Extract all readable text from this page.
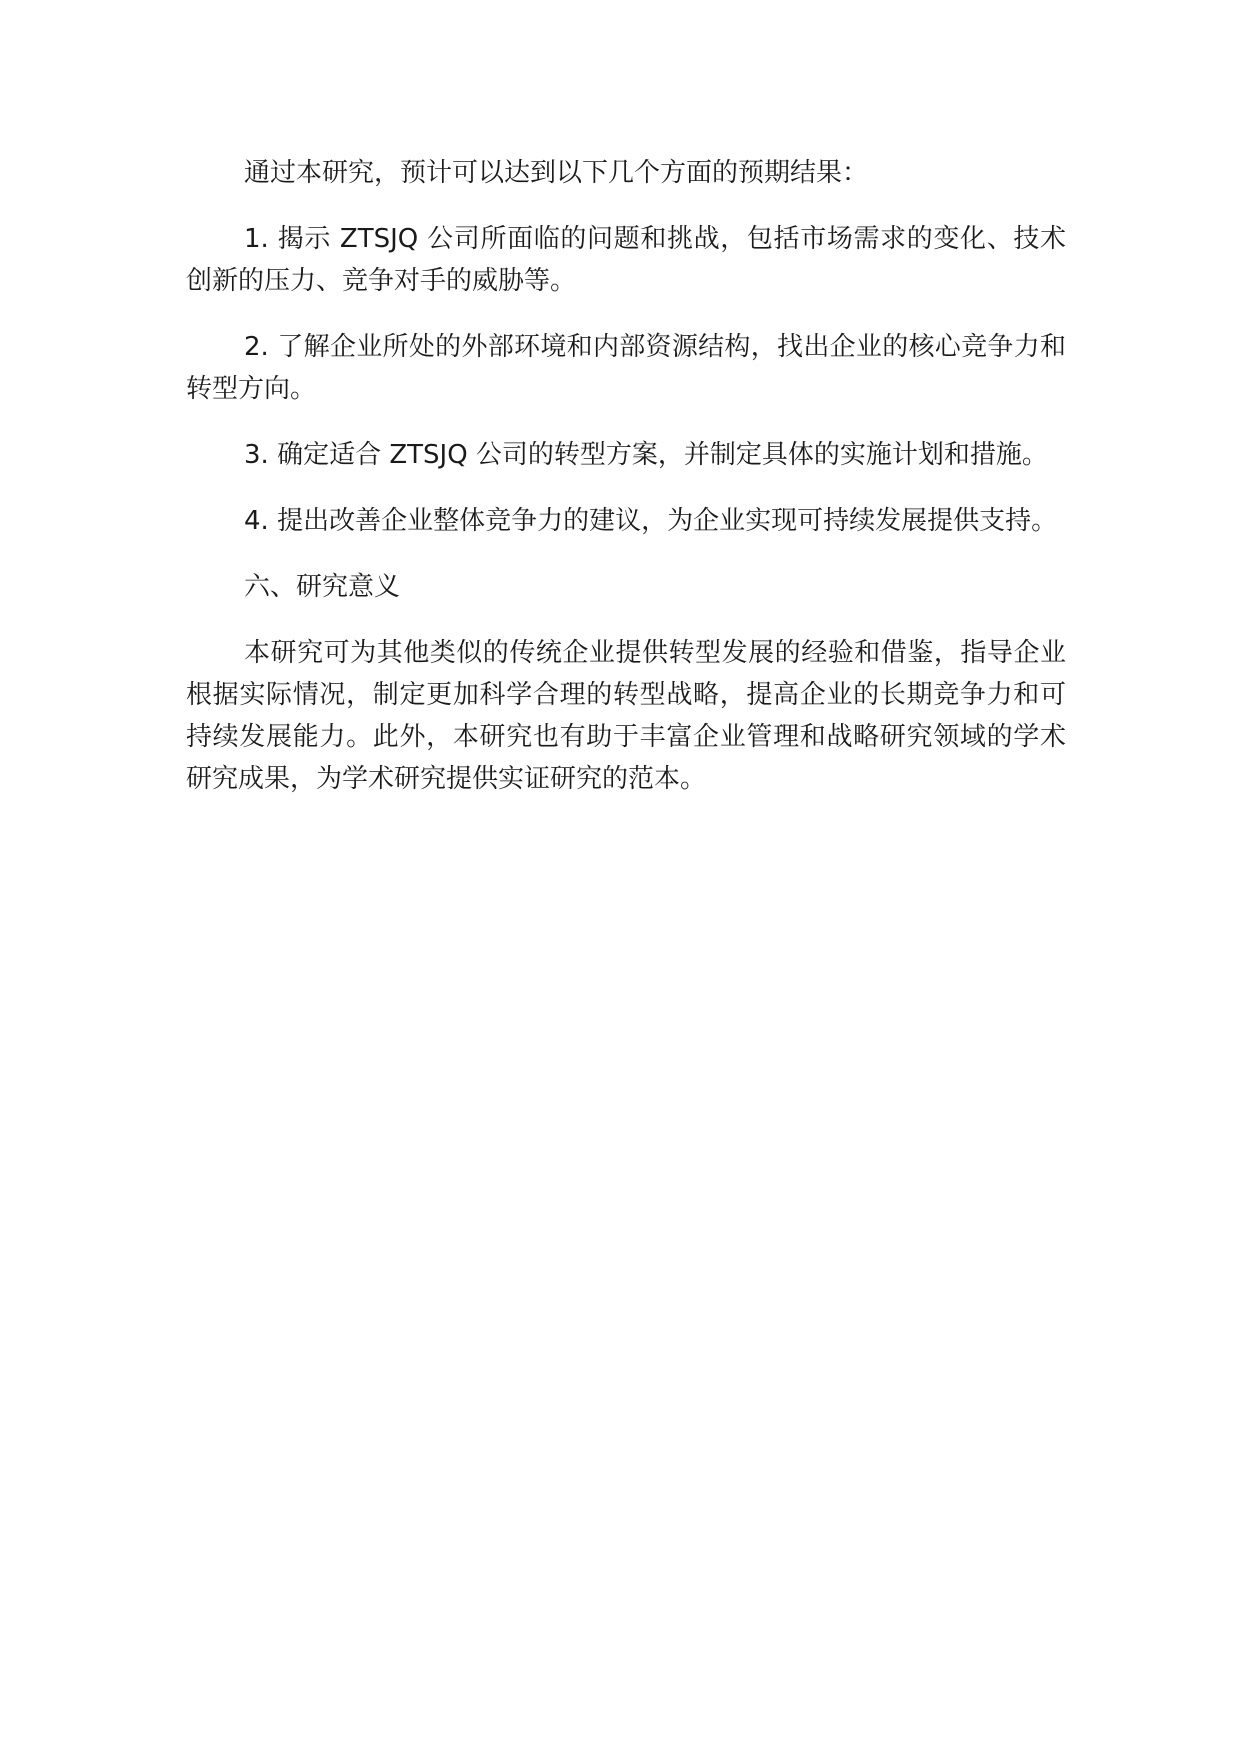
通过本研究，预计可以达到以下几个方面的预期结果：

1. 揭示 ZTSJQ 公司所面临的问题和挑战，包括市场需求的变化、技术创新的压力、竞争对手的威胁等。

2. 了解企业所处的外部环境和内部资源结构，找出企业的核心竞争力和转型方向。

3. 确定适合 ZTSJQ 公司的转型方案，并制定具体的实施计划和措施。

4. 提出改善企业整体竞争力的建议，为企业实现可持续发展提供支持。

六、研究意义

本研究可为其他类似的传统企业提供转型发展的经验和借鉴，指导企业根据实际情况，制定更加科学合理的转型战略，提高企业的长期竞争力和可持续发展能力。此外，本研究也有助于丰富企业管理和战略研究领域的学术研究成果，为学术研究提供实证研究的范本。
